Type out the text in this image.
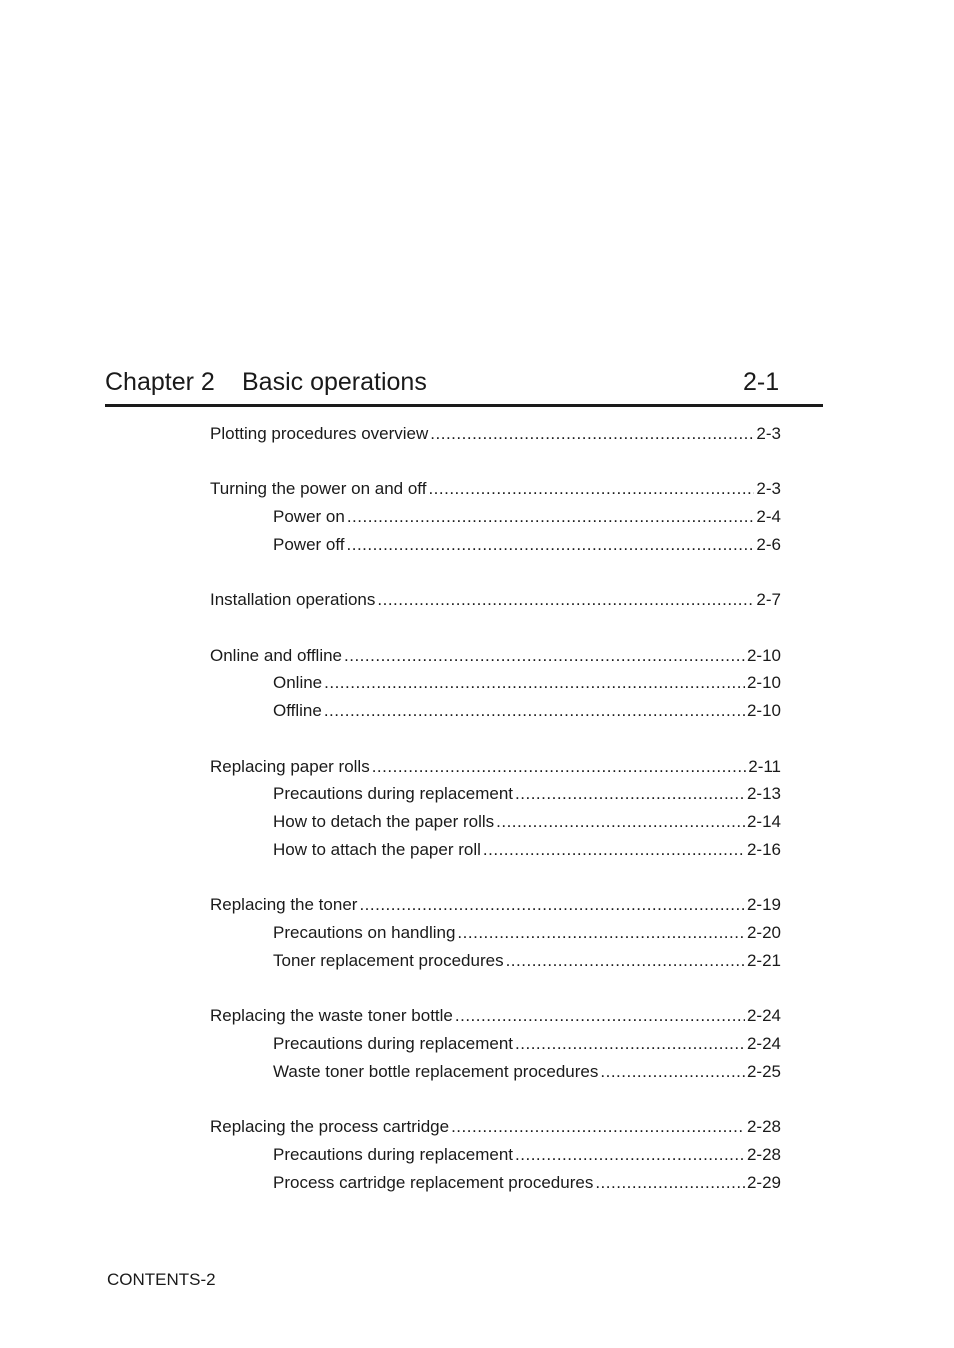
Chapter 2 Basic operations	2-1
Plotting procedures overview .....	2-3
Turning the power on and off .....	2-3
Power on .....	2-4
Power off .....	2-6
Installation operations .....	2-7
Online and offline .....	2-10
Online .....	2-10
Offline .....	2-10
Replacing paper rolls .....	2-11
Precautions during replacement .....	2-13
How to detach the paper rolls .....	2-14
How to attach the paper roll .....	2-16
Replacing the toner .....	2-19
Precautions on handling .....	2-20
Toner replacement procedures .....	2-21
Replacing the waste toner bottle .....	2-24
Precautions during replacement .....	2-24
Waste toner bottle replacement procedures .....	2-25
Replacing the process cartridge .....	2-28
Precautions during replacement .....	2-28
Process cartridge replacement procedures .....	2-29
CONTENTS-2
